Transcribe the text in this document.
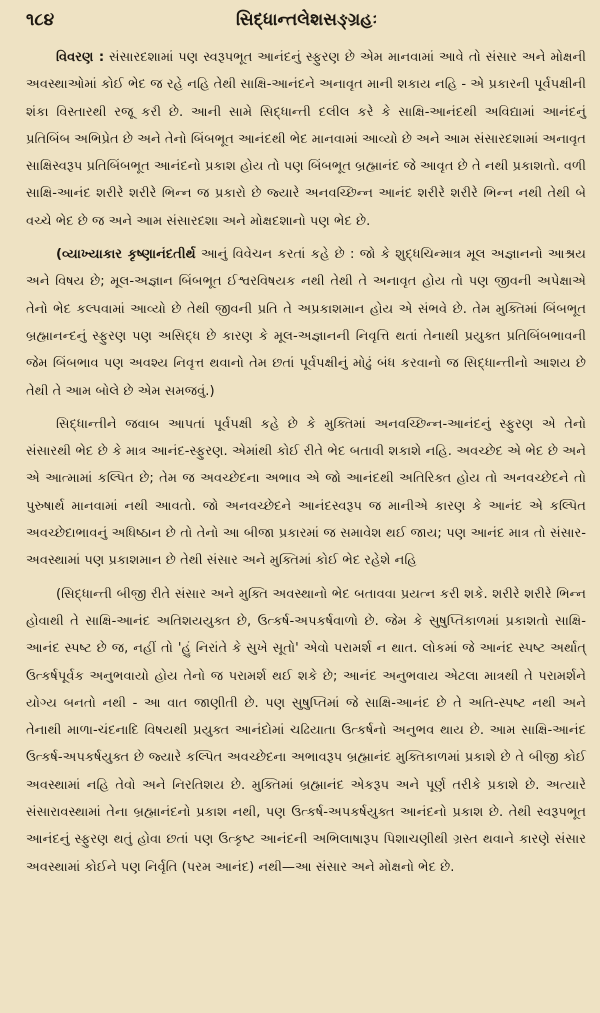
૧૮૪	સિદ્ધાન્તલેશસઙ્ગ્રહઃ

વિવરણ : સંસારદશામાં પણ સ્વરૂપભૂત આનંદનું સ્ફુરણ છે એમ માનવામાં આવે તો સંસાર અને મોક્ષની અવસ્થાઓમાં કોઈ ભેદ જ રહે નહિ તેથી સાક્ષિ-આનંદને અનાવૃત માની શકાય નહિ - એ પ્રકારની પૂર્વપક્ષીની શંકા વિસ્તારથી રજૂ કરી છે. આની સામે સિદ્ધાન્તી દલીલ કરે કે સાક્ષિ-આનંદથી અવિદ્યામાં આનંદનું પ્રતિબિંબ અભિપ્રેત છે અને તેનો બિંબભૂત આનંદથી ભેદ માનવામાં આવ્યો છે અને આમ સંસારદશામાં અનાવૃત સાક્ષિસ્વરૂપ પ્રતિબિંબભૂત આનંદનો પ્રકાશ હોય તો પણ બિંબભૂત બ્રહ્માનંદ જે આવૃત છે તે નથી પ્રકાશતો. વળી સાક્ષિ-આનંદ શરીરે શરીરે ભિન્ન જ પ્રકારો છે જ્યારે અનવચ્છિન્ન આનંદ શરીરે શરીરે ભિન્ન નથી તેથી બે વચ્ચે ભેદ છે જ અને આમ સંસારદશા અને મોક્ષદશાનો પણ ભેદ છે.

(વ્યાખ્યાકાર કૃષ્ણાનંદતીર્થ આનું વિવેચન કરતાં કહે છે : જો કે શુદ્ધચિન્માત્ર મૂલ અજ્ઞાનનો આશ્રય અને વિષય છે; મૂલ-અજ્ઞાન બિંબભૂત ઈશ્વરવિષયક નથી તેથી તે અનાવૃત હોય તો પણ જીવની અપેક્ષાએ તેનો ભેદ કલ્પવામાં આવ્યો છે તેથી જીવની પ્રતિ તે અપ્રકાશમાન હોય એ સંભવે છે. તેમ મુક્તિમાં બિંબભૂત બ્રહ્માનન્દનું સ્ફુરણ પણ અસિદ્ધ છે કારણ કે મૂલ-અજ્ઞાનની નિવૃત્તિ થતાં તેનાથી પ્રયુક્ત પ્રતિબિંબભાવની જેમ બિંબભાવ પણ અવશ્ય નિવૃત્ત થવાનો તેમ છતાં પૂર્વપક્ષીનું મોઢું બંધ કરવાનો જ સિદ્ધાન્તીનો આશય છે તેથી તે આમ બોલે છે એમ સમજવું.)

સિદ્ધાન્તીને જવાબ આપતાં પૂર્વપક્ષી કહે છે કે મુક્તિમાં અનવચ્છિન્ન-આનંદનું સ્ફુરણ એ તેનો સંસારથી ભેદ છે કે માત્ર આનંદ-સ્ફુરણ. એમાંથી કોઈ રીતે ભેદ બતાવી શકાશે નહિ. અવચ્છેદ એ ભેદ છે અને એ આત્મામાં કલ્પિત છે; તેમ જ અવચ્છેદના અભાવ એ જો આનંદથી અતિરિક્ત હોય તો અનવચ્છેદને તો પુરુષાર્થ માનવામાં નથી આવતો. જો અનવચ્છેદને આનંદસ્વરૂપ જ માનીએ કારણ કે આનંદ એ કલ્પિત અવચ્છેદાભાવનું અધિષ્ઠાન છે તો તેનો આ બીજા પ્રકારમાં જ સમાવેશ થઈ જાય; પણ આનંદ માત્ર તો સંસાર-અવસ્થામાં પણ પ્રકાશમાન છે તેથી સંસાર અને મુક્તિમાં કોઈ ભેદ રહેશે નહિ

(સિદ્ધાન્તી બીજી રીતે સંસાર અને મુક્તિ અવસ્થાનો ભેદ બતાવવા પ્રયત્ન કરી શકે. શરીરે શરીરે ભિન્ન હોવાથી તે સાક્ષિ-આનંદ અતિશયયુક્ત છે, ઉત્કર્ષ-અપકર્ષવાળો છે. જેમ કે સુષુપ્તિકાળમાં પ્રકાશતો સાક્ષિ-આનંદ સ્પષ્ટ છે જ, નહીં તો 'હું નિરાંતે કે સુખે સૂતો' એવો પરામર્શ ન થાત. લોકમાં જે આનંદ સ્પષ્ટ અર્થાત્ ઉત્કર્ષપૂર્વક અનુભવાયો હોય તેનો જ પરામર્શ થઈ શકે છે; આનંદ અનુભવાય એટલા માત્રથી તે પરામર્શને યોગ્ય બનતો નથી - આ વાત જાણીતી છે. પણ સુષુપ્તિમાં જે સાક્ષિ-આનંદ છે તે અતિ-સ્પષ્ટ નથી અને તેનાથી માળા-ચંદનાદિ વિષયથી પ્રયુક્ત આનંદોમાં ચઢિયાતા ઉત્કર્ષનો અનુભવ થાય છે. આમ સાક્ષિ-આનંદ ઉત્કર્ષ-અપકર્ષયુક્ત છે જ્યારે કલ્પિત અવચ્છેદના અભાવરૂપ બ્રહ્માનંદ મુક્તિકાળમાં પ્રકાશે છે તે બીજી કોઈ અવસ્થામાં નહિ તેવો અને નિરતિશય છે. મુક્તિમાં બ્રહ્માનંદ એકરૂપ અને પૂર્ણ તરીકે પ્રકાશે છે. અત્યારે સંસારાવસ્થામાં તેના બ્રહ્માનંદનો પ્રકાશ નથી, પણ ઉત્કર્ષ-અપકર્ષયુક્ત આનંદનો પ્રકાશ છે. તેથી સ્વરૂપભૂત આનંદનું સ્ફુરણ થતું હોવા છતાં પણ ઉત્કૃષ્ટ આનંદની અભિલાષારૂપ પિશાચણીથી ગ્રસ્ત થવાને કારણે સંસાર અવસ્થામાં કોઈને પણ નિર્વૃતિ (પરમ આનંદ) નથી—આ સંસાર અને મોક્ષનો ભેદ છે.
